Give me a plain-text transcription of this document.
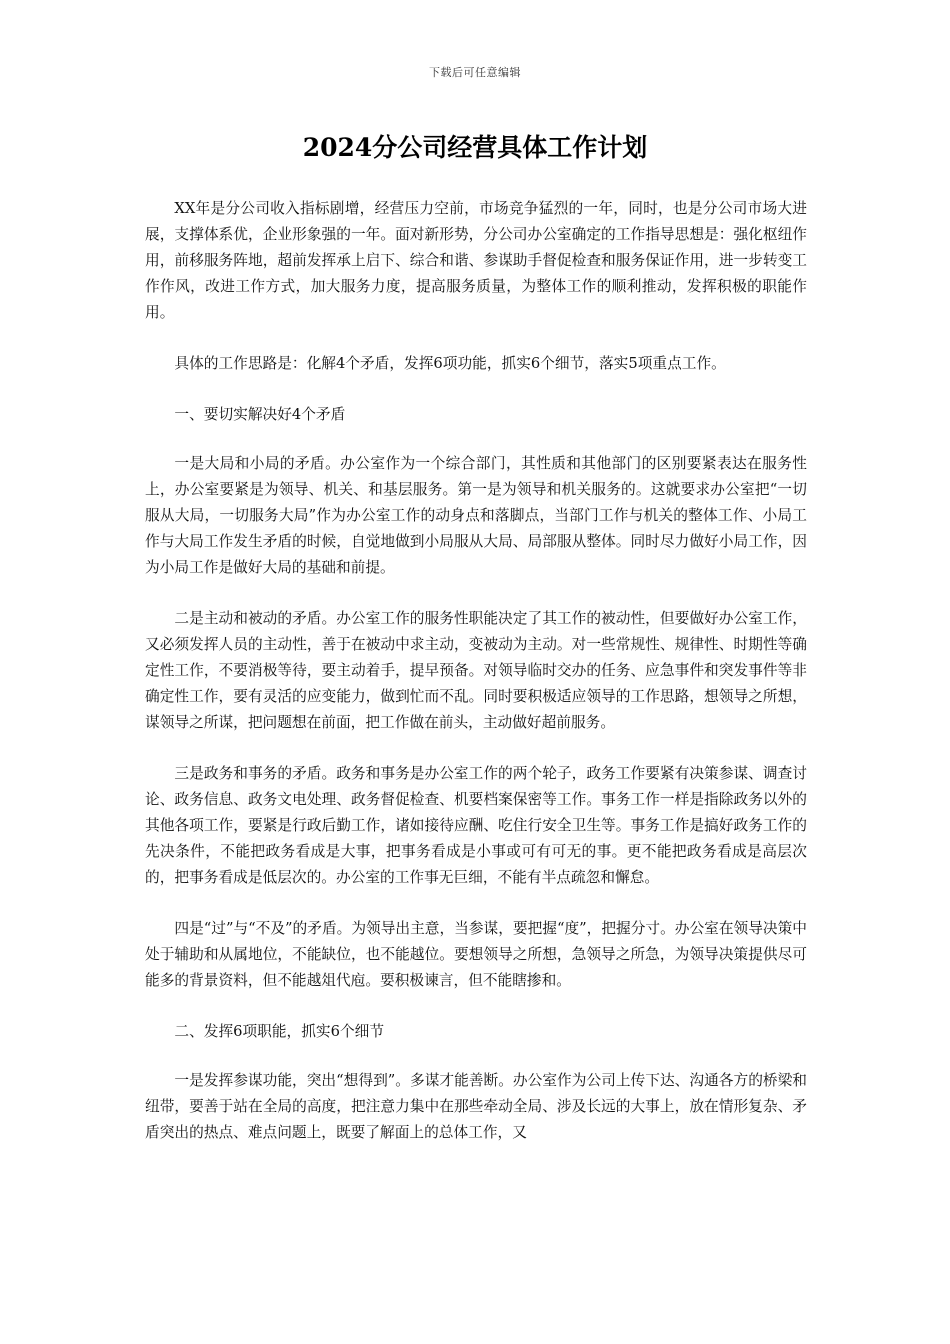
下载后可任意编辑
2024分公司经营具体工作计划

XX年是分公司收入指标剧增，经营压力空前，市场竞争猛烈的一年，同时，也是分公司市场大进展，支撑体系优，企业形象强的一年。面对新形势，分公司办公室确定的工作指导思想是：强化枢纽作用，前移服务阵地，超前发挥承上启下、综合和谐、参谋助手督促检查和服务保证作用，进一步转变工作作风，改进工作方式，加大服务力度，提高服务质量，为整体工作的顺利推动，发挥积极的职能作用。

具体的工作思路是：化解4个矛盾，发挥6项功能，抓实6个细节，落实5项重点工作。

一、要切实解决好4个矛盾

一是大局和小局的矛盾。办公室作为一个综合部门，其性质和其他部门的区别要紧表达在服务性上，办公室要紧是为领导、机关、和基层服务。第一是为领导和机关服务的。这就要求办公室把“一切服从大局，一切服务大局”作为办公室工作的动身点和落脚点，当部门工作与机关的整体工作、小局工作与大局工作发生矛盾的时候，自觉地做到小局服从大局、局部服从整体。同时尽力做好小局工作，因为小局工作是做好大局的基础和前提。

二是主动和被动的矛盾。办公室工作的服务性职能决定了其工作的被动性，但要做好办公室工作，又必须发挥人员的主动性，善于在被动中求主动，变被动为主动。对一些常规性、规律性、时期性等确定性工作，不要消极等待，要主动着手，提早预备。对领导临时交办的任务、应急事件和突发事件等非确定性工作，要有灵活的应变能力，做到忙而不乱。同时要积极适应领导的工作思路，想领导之所想，谋领导之所谋，把问题想在前面，把工作做在前头，主动做好超前服务。

三是政务和事务的矛盾。政务和事务是办公室工作的两个轮子，政务工作要紧有决策参谋、调查讨论、政务信息、政务文电处理、政务督促检查、机要档案保密等工作。事务工作一样是指除政务以外的其他各项工作，要紧是行政后勤工作，诸如接待应酬、吃住行安全卫生等。事务工作是搞好政务工作的先决条件，不能把政务看成是大事，把事务看成是小事或可有可无的事。更不能把政务看成是高层次的，把事务看成是低层次的。办公室的工作事无巨细，不能有半点疏忽和懈怠。

四是“过”与“不及”的矛盾。为领导出主意，当参谋，要把握“度”，把握分寸。办公室在领导决策中处于辅助和从属地位，不能缺位，也不能越位。要想领导之所想，急领导之所急，为领导决策提供尽可能多的背景资料，但不能越俎代庖。要积极谏言，但不能瞎掺和。

二、发挥6项职能，抓实6个细节

一是发挥参谋功能，突出“想得到”。多谋才能善断。办公室作为公司上传下达、沟通各方的桥梁和纽带，要善于站在全局的高度，把注意力集中在那些牵动全局、涉及长远的大事上，放在情形复杂、矛盾突出的热点、难点问题上，既要了解面上的总体工作，又
